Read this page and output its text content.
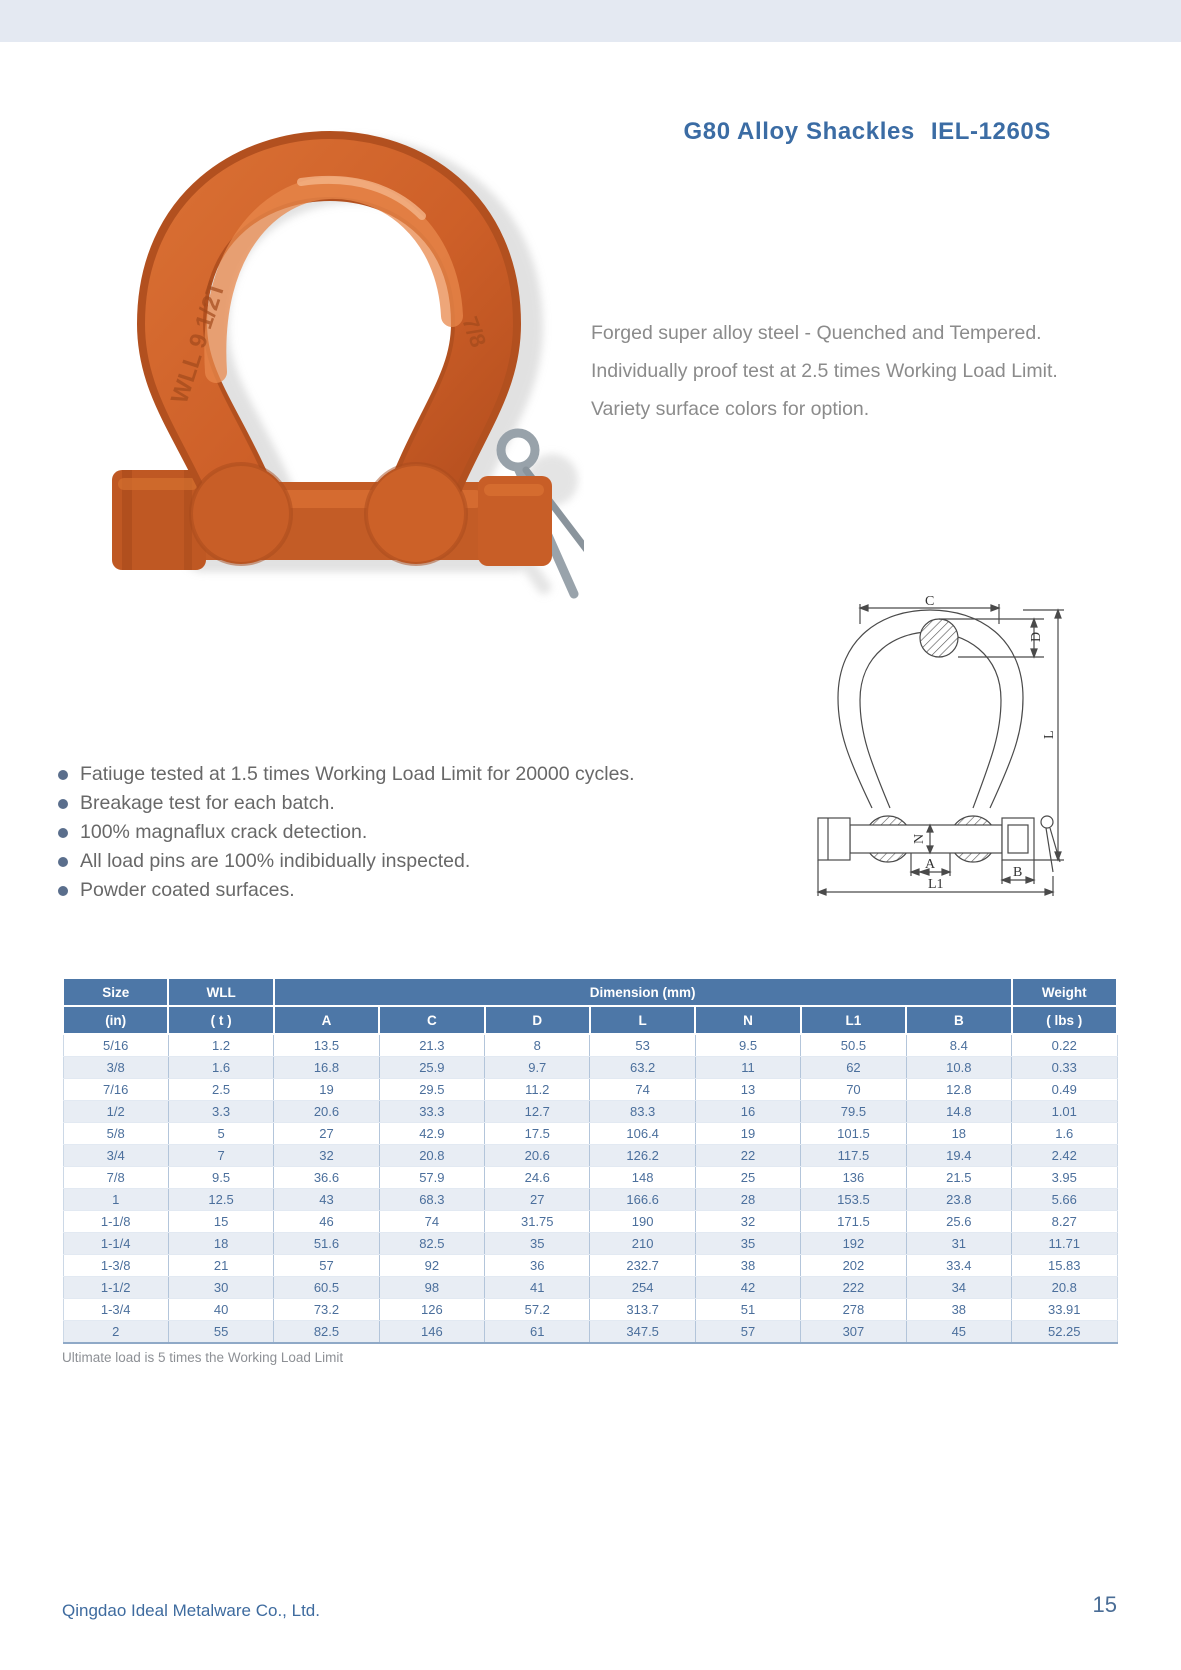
G80 Alloy Shackles IEL-1260S
WLL 9 1/2T	7/8	Forged super alloy steel - Quenched and Tempered.
Individually proof test at 2.5 times Working Load Limit.
Variety surface colors for option.
C
D
L
N
A
B
L1
Fatiuge tested at 1.5 times Working Load Limit for 20000 cycles.
Breakage test for each batch.
100% magnaflux crack detection.
All load pins are 100% indibidually inspected.
Powder coated surfaces.
Size	WLL	Dimension (mm)							Weight
(in)	( t )	A	C	D	L	N	L1	B	( lbs )
5/16	1.2	13.5	21.3	8	53	9.5	50.5	8.4	0.22
3/8	1.6	16.8	25.9	9.7	63.2	11	62	10.8	0.33
7/16	2.5	19	29.5	11.2	74	13	70	12.8	0.49
1/2	3.3	20.6	33.3	12.7	83.3	16	79.5	14.8	1.01
5/8	5	27	42.9	17.5	106.4	19	101.5	18	1.6
3/4	7	32	20.8	20.6	126.2	22	117.5	19.4	2.42
7/8	9.5	36.6	57.9	24.6	148	25	136	21.5	3.95
1	12.5	43	68.3	27	166.6	28	153.5	23.8	5.66
1-1/8	15	46	74	31.75	190	32	171.5	25.6	8.27
1-1/4	18	51.6	82.5	35	210	35	192	31	11.71
1-3/8	21	57	92	36	232.7	38	202	33.4	15.83
1-1/2	30	60.5	98	41	254	42	222	34	20.8
1-3/4	40	73.2	126	57.2	313.7	51	278	38	33.91
2	55	82.5	146	61	347.5	57	307	45	52.25
Ultimate load is 5 times the Working Load Limit
Qingdao Ideal Metalware Co., Ltd.	15
